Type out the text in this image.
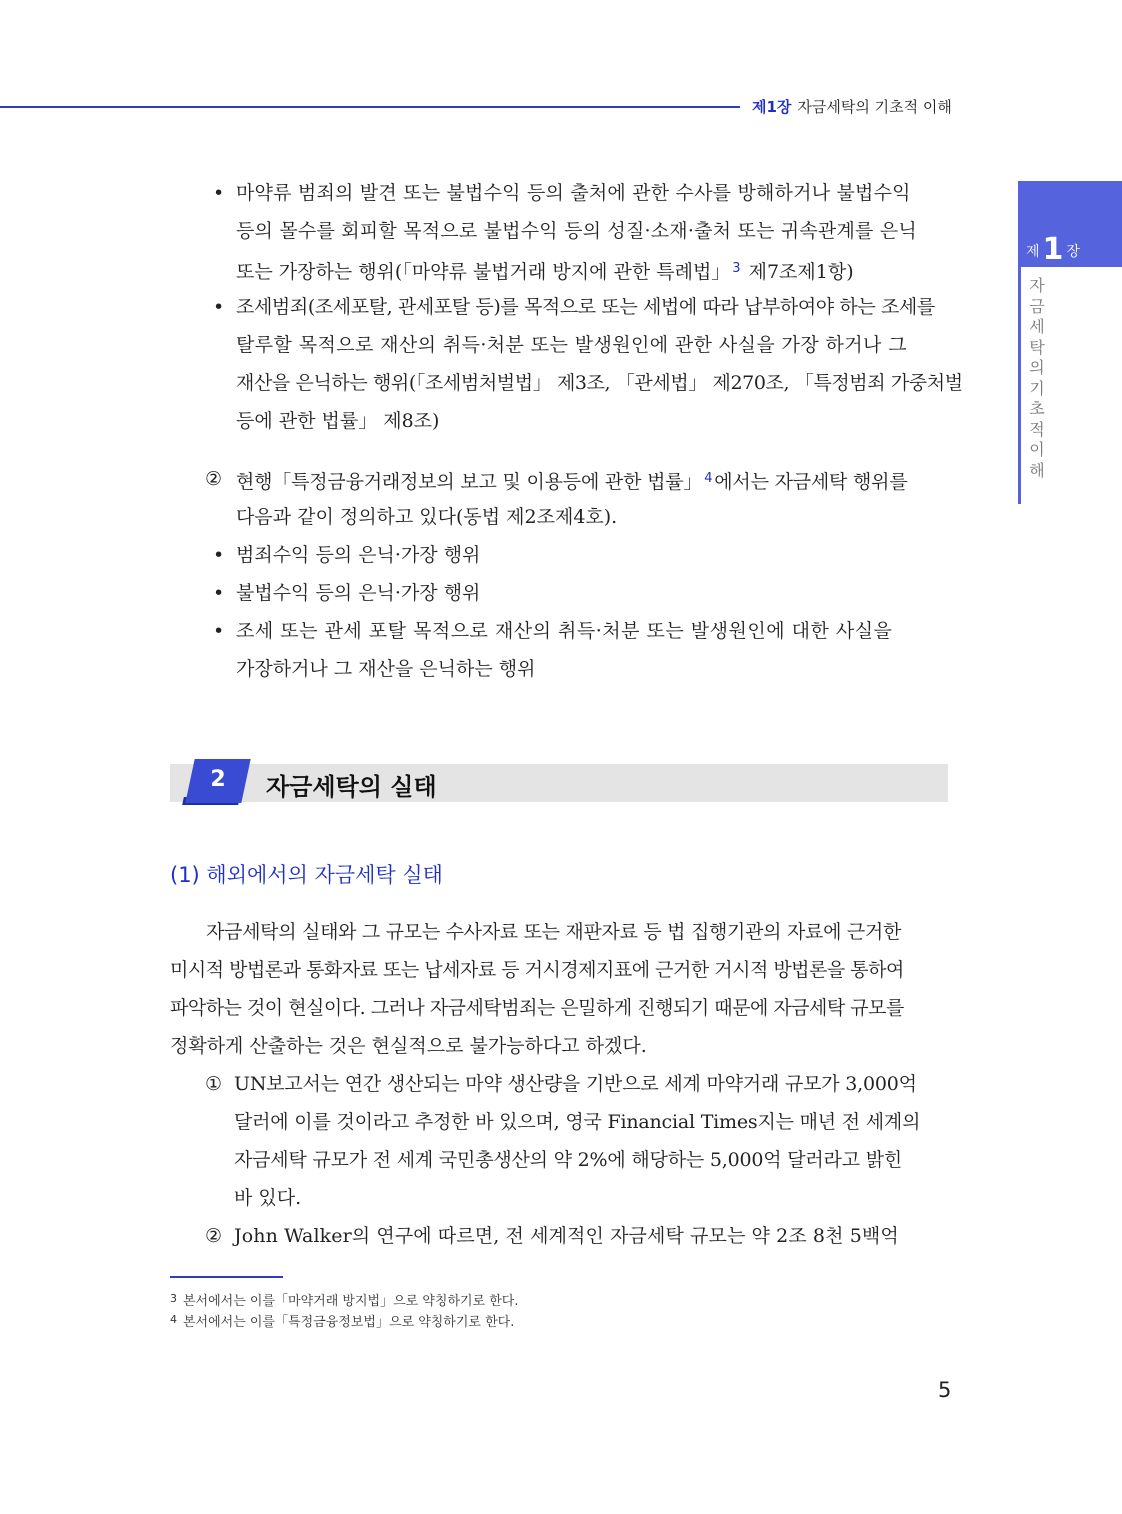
제1장 자금세탁의 기초적 이해
제 1 장
자금세탁의 기초적 이해
• 마약류 범죄의 발견 또는 불법수익 등의 출처에 관한 수사를 방해하거나 불법수익
등의 몰수를 회피할 목적으로 불법수익 등의 성질·소재·출처 또는 귀속관계를 은닉
또는 가장하는 행위(「마약류 불법거래 방지에 관한 특례법」 $^3$ 제7조제1항)
• 조세범죄(조세포탈, 관세포탈 등)를 목적으로 또는 세법에 따라 납부하여야 하는 조세를
탈루할 목적으로 재산의 취득·처분 또는 발생원인에 관한 사실을 가장 하거나 그
재산을 은닉하는 행위(「조세범처벌법」 제3조, 「관세법」 제270조, 「특정범죄 가중처벌
등에 관한 법률」 제8조)
② 현행「특정금융거래정보의 보고 및 이용등에 관한 법률」 $^4$ 에서는 자금세탁 행위를
다음과 같이 정의하고 있다(동법 제2조제4호).
• 범죄수익 등의 은닉·가장 행위
• 불법수익 등의 은닉·가장 행위
• 조세 또는 관세 포탈 목적으로 재산의 취득·처분 또는 발생원인에 대한 사실을
가장하거나 그 재산을 은닉하는 행위
2	자금세탁의 실태
(1) 해외에서의 자금세탁 실태
자금세탁의 실태와 그 규모는 수사자료 또는 재판자료 등 법 집행기관의 자료에 근거한
미시적 방법론과 통화자료 또는 납세자료 등 거시경제지표에 근거한 거시적 방법론을 통하여
파악하는 것이 현실이다. 그러나 자금세탁범죄는 은밀하게 진행되기 때문에 자금세탁 규모를
정확하게 산출하는 것은 현실적으로 불가능하다고 하겠다.
① UN보고서는 연간 생산되는 마약 생산량을 기반으로 세계 마약거래 규모가 3,000억
달러에 이를 것이라고 추정한 바 있으며, 영국 Financial Times지는 매년 전 세계의
자금세탁 규모가 전 세계 국민총생산의 약 2%에 해당하는 5,000억 달러라고 밝힌
바 있다.
② John Walker의 연구에 따르면, 전 세계적인 자금세탁 규모는 약 2조 8천 5백억
$^3$ 본서에서는 이를「마약거래 방지법」으로 약칭하기로 한다.
$^4$ 본서에서는 이를「특정금융정보법」으로 약칭하기로 한다.
5
